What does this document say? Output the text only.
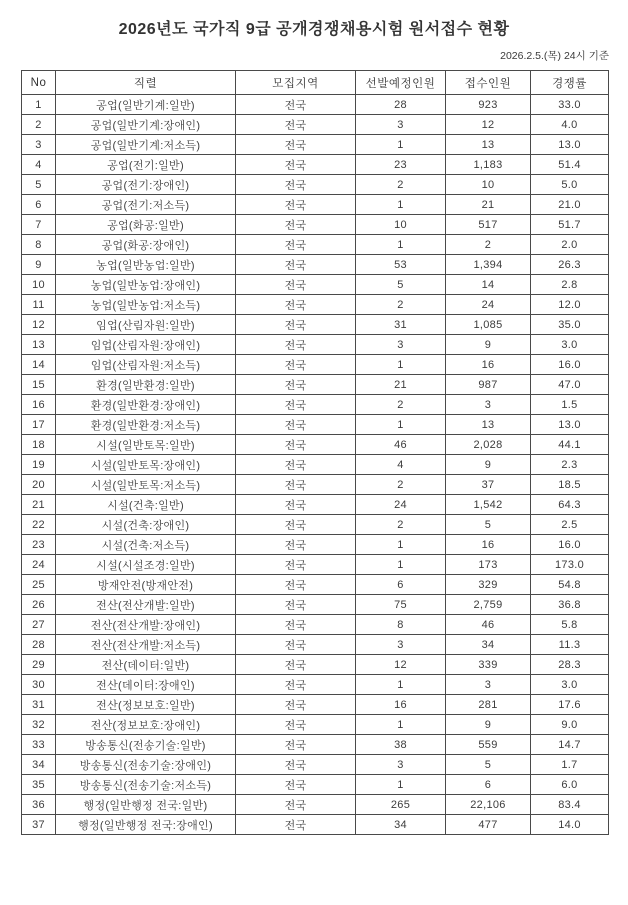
2026년도 국가직 9급 공개경쟁채용시험 원서접수 현황
2026.2.5.(목) 24시 기준
No	직렬	모집지역	선발예정인원	접수인원	경쟁률
1	공업(일반기계:일반)	전국	28	923	33.0
2	공업(일반기계:장애인)	전국	3	12	4.0
3	공업(일반기계:저소득)	전국	1	13	13.0
4	공업(전기:일반)	전국	23	1,183	51.4
5	공업(전기:장애인)	전국	2	10	5.0
6	공업(전기:저소득)	전국	1	21	21.0
7	공업(화공:일반)	전국	10	517	51.7
8	공업(화공:장애인)	전국	1	2	2.0
9	농업(일반농업:일반)	전국	53	1,394	26.3
10	농업(일반농업:장애인)	전국	5	14	2.8
11	농업(일반농업:저소득)	전국	2	24	12.0
12	임업(산림자원:일반)	전국	31	1,085	35.0
13	임업(산림자원:장애인)	전국	3	9	3.0
14	임업(산림자원:저소득)	전국	1	16	16.0
15	환경(일반환경:일반)	전국	21	987	47.0
16	환경(일반환경:장애인)	전국	2	3	1.5
17	환경(일반환경:저소득)	전국	1	13	13.0
18	시설(일반토목:일반)	전국	46	2,028	44.1
19	시설(일반토목:장애인)	전국	4	9	2.3
20	시설(일반토목:저소득)	전국	2	37	18.5
21	시설(건축:일반)	전국	24	1,542	64.3
22	시설(건축:장애인)	전국	2	5	2.5
23	시설(건축:저소득)	전국	1	16	16.0
24	시설(시설조경:일반)	전국	1	173	173.0
25	방재안전(방재안전)	전국	6	329	54.8
26	전산(전산개발:일반)	전국	75	2,759	36.8
27	전산(전산개발:장애인)	전국	8	46	5.8
28	전산(전산개발:저소득)	전국	3	34	11.3
29	전산(데이터:일반)	전국	12	339	28.3
30	전산(데이터:장애인)	전국	1	3	3.0
31	전산(정보보호:일반)	전국	16	281	17.6
32	전산(정보보호:장애인)	전국	1	9	9.0
33	방송통신(전송기술:일반)	전국	38	559	14.7
34	방송통신(전송기술:장애인)	전국	3	5	1.7
35	방송통신(전송기술:저소득)	전국	1	6	6.0
36	행정(일반행정 전국:일반)	전국	265	22,106	83.4
37	행정(일반행정 전국:장애인)	전국	34	477	14.0
